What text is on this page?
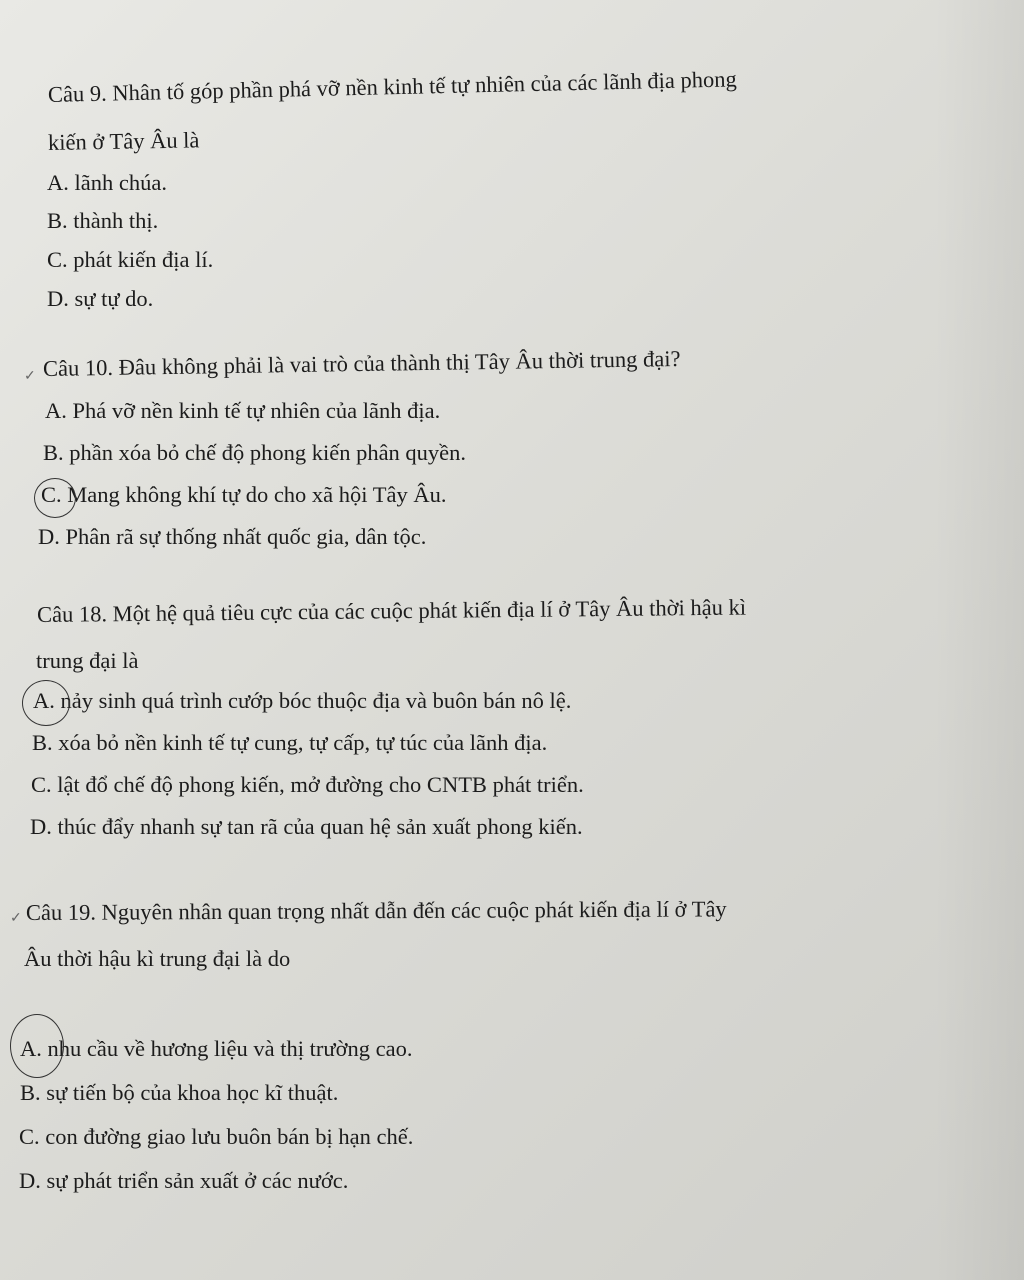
Câu 9. Nhân tố góp phần phá vỡ nền kinh tế tự nhiên của các lãnh địa phong
kiến ở Tây Âu là
A. lãnh chúa.
B. thành thị.
C. phát kiến địa lí.
D. sự tự do.
✓ Câu 10. Đâu không phải là vai trò của thành thị Tây Âu thời trung đại?
A. Phá vỡ nền kinh tế tự nhiên của lãnh địa.
B. phần xóa bỏ chế độ phong kiến phân quyền.
C. Mang không khí tự do cho xã hội Tây Âu.
D. Phân rã sự thống nhất quốc gia, dân tộc.
Câu 18. Một hệ quả tiêu cực của các cuộc phát kiến địa lí ở Tây Âu thời hậu kì
trung đại là
A. nảy sinh quá trình cướp bóc thuộc địa và buôn bán nô lệ.
B. xóa bỏ nền kinh tế tự cung, tự cấp, tự túc của lãnh địa.
C. lật đổ chế độ phong kiến, mở đường cho CNTB phát triển.
D. thúc đẩy nhanh sự tan rã của quan hệ sản xuất phong kiến.
✓ Câu 19. Nguyên nhân quan trọng nhất dẫn đến các cuộc phát kiến địa lí ở Tây
Âu thời hậu kì trung đại là do
A. nhu cầu về hương liệu và thị trường cao.
B. sự tiến bộ của khoa học kĩ thuật.
C. con đường giao lưu buôn bán bị hạn chế.
D. sự phát triển sản xuất ở các nước.
